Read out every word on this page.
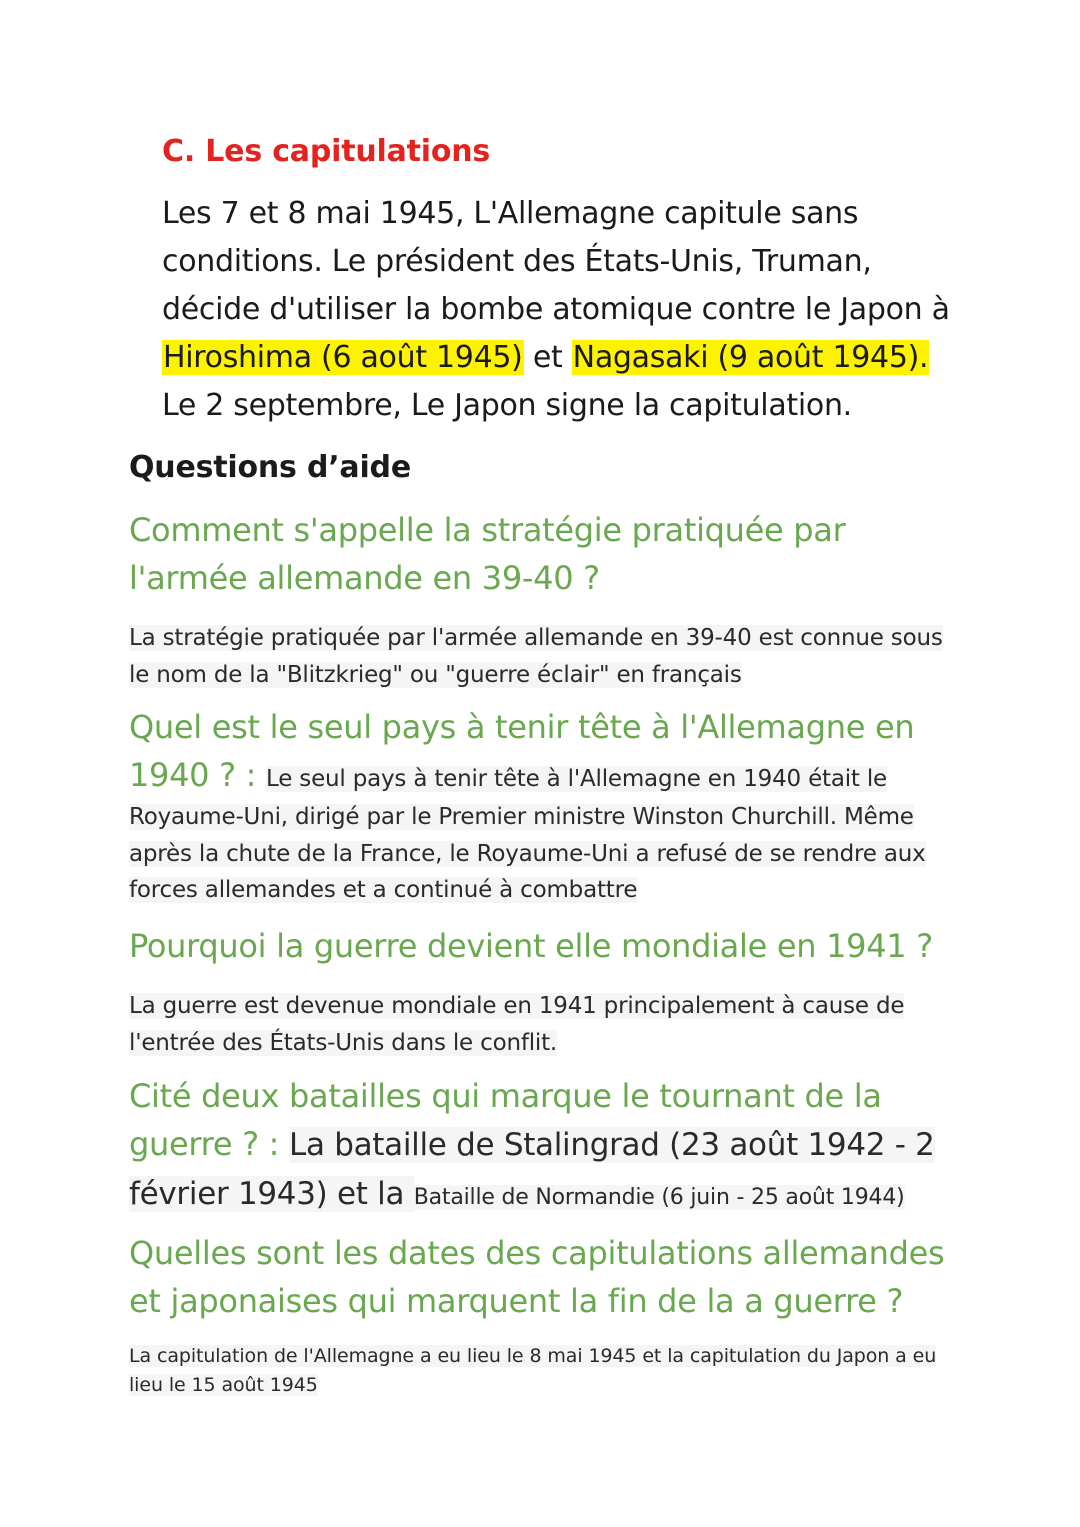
C. Les capitulations

Les 7 et 8 mai 1945, L'Allemagne capitule sans conditions. Le président des États-Unis, Truman, décide d'utiliser la bombe atomique contre le Japon à
Hiroshima (6 août 1945) et Nagasaki (9 août 1945).
Le 2 septembre, Le Japon signe la capitulation.

Questions d’aide

Comment s'appelle la stratégie pratiquée par l'armée allemande en 39-40 ?

La stratégie pratiquée par l'armée allemande en 39-40 est connue sous le nom de la "Blitzkrieg" ou "guerre éclair" en français
Quel est le seul pays à tenir tête à l'Allemagne en 1940 ? : Le seul pays à tenir tête à l'Allemagne en 1940 était le Royaume-Uni, dirigé par le Premier ministre Winston Churchill. Même après la chute de la France, le Royaume-Uni a refusé de se rendre aux forces allemandes et a continué à combattre

Pourquoi la guerre devient elle mondiale en 1941 ?

La guerre est devenue mondiale en 1941 principalement à cause de l'entrée des États-Unis dans le conflit.
Cité deux batailles qui marque le tournant de la guerre ? : La bataille de Stalingrad (23 août 1942 - 2 février 1943) et la Bataille de Normandie (6 juin - 25 août 1944)

Quelles sont les dates des capitulations allemandes et japonaises qui marquent la fin de la a guerre ?

La capitulation de l'Allemagne a eu lieu le 8 mai 1945 et la capitulation du Japon a eu lieu le 15 août 1945
